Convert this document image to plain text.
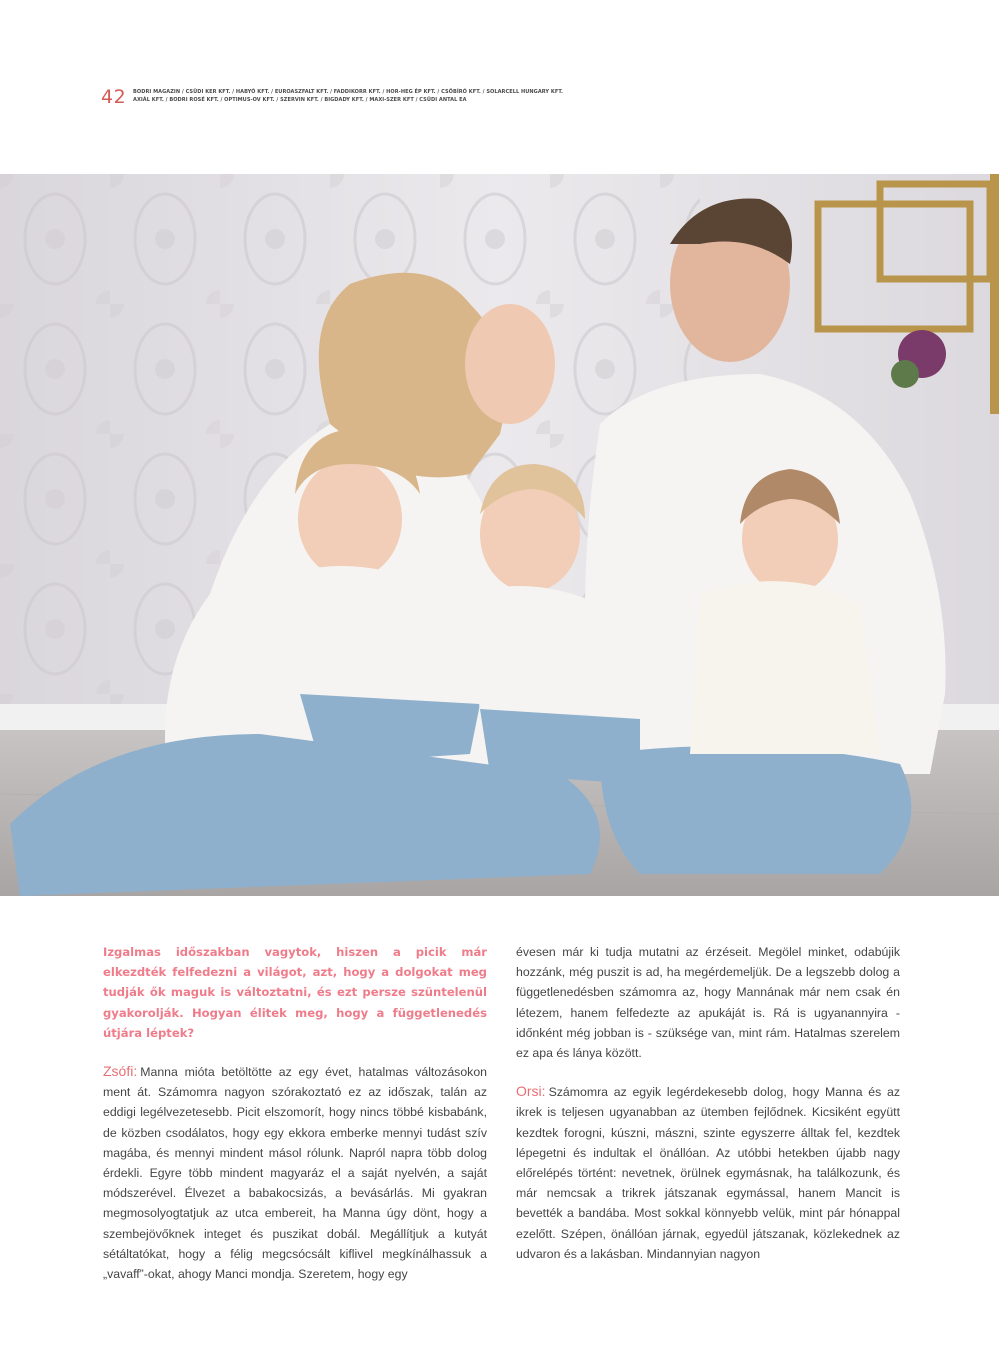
42 BODRI MAGAZIN / CSŰDI KER KFT. / HABYÓ KFT. / EUROASZFALT KFT. / FADDIKORR KFT. / HOR-HEG ÉP KFT. / CSŐBÍRÓ KFT. / SOLARCELL HUNGARY KFT.
AXIÁL KFT. / BODRI ROSÉ KFT. / OPTIMUS-OV KFT. / SZERVIN KFT. / BIGDADY KFT. / MAXI-SZER KFT / CSŰDI ANTAL EA

Izgalmas időszakban vagytok, hiszen a picik már elkezdték felfedezni a világot, azt, hogy a dolgokat meg tudják ők maguk is változtatni, és ezt persze szüntelenül gyakorolják. Hogyan élitek meg, hogy a függetlenedés útjára léptek?

Zsófi: Manna mióta betöltötte az egy évet, hatalmas változásokon ment át. Számomra nagyon szórakoztató ez az időszak, talán az eddigi legélvezetesebb. Picit elszomorít, hogy nincs többé kisbabánk, de közben csodálatos, hogy egy ekkora emberke mennyi tudást szív magába, és mennyi mindent másol rólunk. Napról napra több dolog érdekli. Egyre több mindent magyaráz el a saját nyelvén, a saját módszerével. Élvezet a babakocsizás, a bevásárlás. Mi gyakran megmosolyogtatjuk az utca embereit, ha Manna úgy dönt, hogy a szembejövőknek integet és puszikat dobál. Megállítjuk a kutyát sétáltatókat, hogy a félig megcsócsált kiflivel megkínálhassuk a „vavaff”-okat, ahogy Manci mondja. Szeretem, hogy egy

évesen már ki tudja mutatni az érzéseit. Megölel minket, odabújik hozzánk, még puszit is ad, ha megérdemeljük. De a legszebb dolog a függetlenedésben számomra az, hogy Mannának már nem csak én létezem, hanem felfedezte az apukáját is. Rá is ugyanannyira - időnként még jobban is - szüksége van, mint rám. Hatalmas szerelem ez apa és lánya között.

Orsi: Számomra az egyik legérdekesebb dolog, hogy Manna és az ikrek is teljesen ugyanabban az ütemben fejlődnek. Kicsiként együtt kezdtek forogni, kúszni, mászni, szinte egyszerre álltak fel, kezdtek lépegetni és indultak el önállóan. Az utóbbi hetekben újabb nagy előrelépés történt: nevetnek, örülnek egymásnak, ha találkozunk, és már nemcsak a trikrek játszanak egymással, hanem Mancit is bevették a bandába. Most sokkal könnyebb velük, mint pár hónappal ezelőtt. Szépen, önállóan járnak, egyedül játszanak, közlekednek az udvaron és a lakásban. Mindannyian nagyon
